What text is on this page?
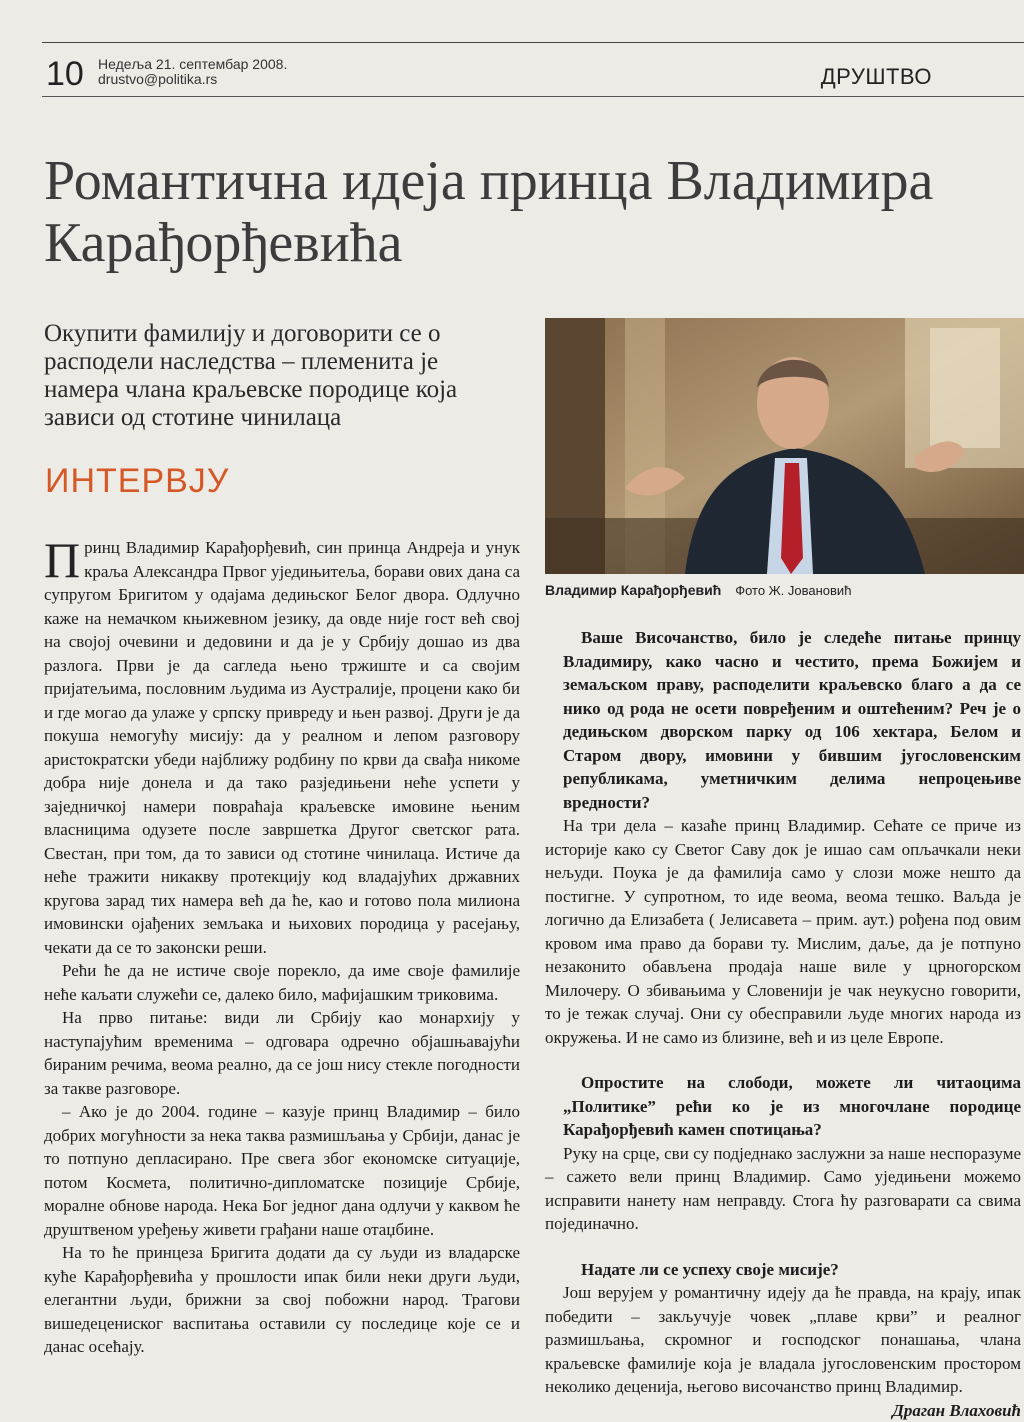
10 Недеља 21. септембар 2008.
drustvo@politika.rs	ДРУШТВО
Романтична идеја принца Владимира Карађорђевића
Окупити фамилију и договорити се о расподели наследства – племенита је намера члана краљевске породице која зависи од стотине чинилаца
ИНТЕРВЈУ

Принц Владимир Карађорђевић, син принца Андреја и унук краља Александра Првог уједињитеља, борави ових дана са супругом Бригитом у одајама дедињског Белог двора. Одлучно каже на немачком књижевном језику, да овде није гост већ свој на својој очевини и дедовини и да је у Србију дошао из два разлога. Први је да сагледа њено тржиште и са својим пријатељима, пословним људима из Аустралије, процени како би и где могао да улаже у српску привреду и њен развој. Други је да покуша немогућу мисију: да у реалном и лепом разговору аристократски убеди најближу родбину по крви да свађа никоме добра није донела и да тако разједињени неће успети у заједничкој намери повраћаја краљевске имовине њеним власницима одузете после завршетка Другог светског рата. Свестан, при том, да то зависи од стотине чинилаца. Истиче да неће тражити никакву протекцију код владајућих државних кругова зарад тих намера већ да ће, као и готово пола милиона имовински ојађених земљака и њихових породица у расејању, чекати да се то законски реши.

Рећи ће да не истиче своје порекло, да име своје фамилије неће каљати служећи се, далеко било, мафијашким триковима.

На прво питање: види ли Србију као монархију у наступајућим временима – одговара одречно објашњавајући бираним речима, веома реално, да се још нису стекле погодности за такве разговоре.

– Ако је до 2004. године – казује принц Владимир – било добрих могућности за нека таква размишљања у Србији, данас је то потпуно депласирано. Пре свега због економске ситуације, потом Космета, политично-дипломатске позиције Србије, моралне обнове народа. Нека Бог једног дана одлучи у каквом ће друштвеном уређењу живети грађани наше отаџбине.

На то ће принцеза Бригита додати да су људи из владарске куће Карађорђевића у прошлости ипак били неки други људи, елегантни људи, брижни за свој побожни народ. Трагови вишедецениског васпитања оставили су последице које се и данас осећају.

Владимир Карађорђевић Фото Ж. Јовановић

Ваше Височанство, било је следеће питање принцу Владимиру, како часно и честито, према Божијем и земаљском праву, расподелити краљевско благо а да се нико од рода не осети повређеним и оштећеним? Реч је о дедињском дворском парку од 106 хектара, Белом и Старом двору, имовини у бившим југословенским републикама, уметничким делима непроцењиве вредности?

На три дела – казаће принц Владимир. Сећате се приче из историје како су Светог Саву док је ишао сам опљачкали неки нељуди. Поука је да фамилија само у слози може нешто да постигне. У супротном, то иде веома, веома тешко. Ваљда је логично да Елизабета ( Јелисавета – прим. аут.) рођена под овим кровом има право да борави ту. Мислим, даље, да је потпуно незаконито обављена продаја наше виле у црногорском Милочеру. О збивањима у Словенији је чак неукусно говорити, то је тежак случај. Они су обесправили људе многих народа из окружења. И не само из близине, већ и из целе Европе.

Опростите на слободи, можете ли читаоцима „Политике” рећи ко је из многочлане породице Карађорђевић камен спотицања?

Руку на срце, сви су подједнако заслужни за наше неспоразуме – сажето вели принц Владимир. Само уједињени можемо исправити нанету нам неправду. Стога ћу разговарати са свима појединачно.

Надате ли се успеху своје мисије?

Још верујем у романтичну идеју да ће правда, на крају, ипак победити – закључује човек „плаве крви” и реалног размишљања, скромног и господског понашања, члана краљевске фамилије која је владала југословенским простором неколико деценија, његово височанство принц Владимир.

Драган Влаховић
